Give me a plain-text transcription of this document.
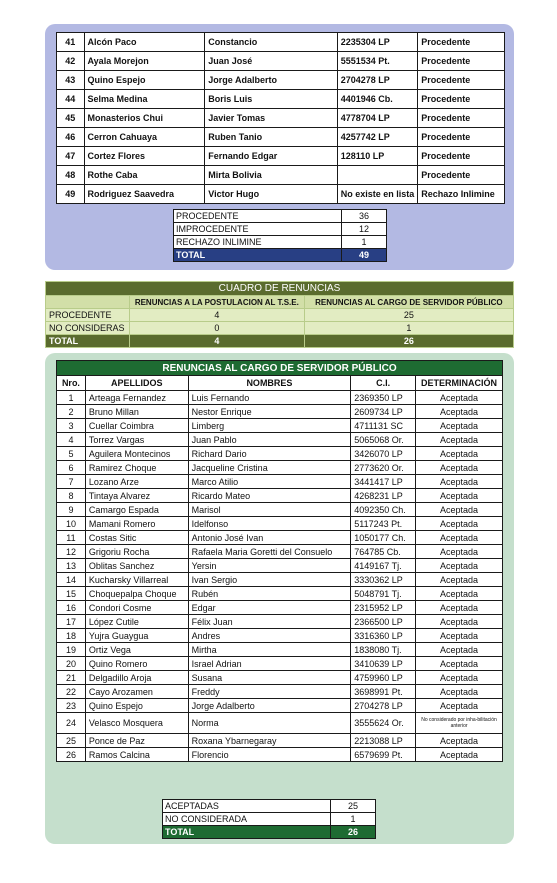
41	Alcón Paco	Constancio	2235304 LP	Procedente
42	Ayala Morejon	Juan José	5551534 Pt.	Procedente
43	Quino Espejo	Jorge Adalberto	2704278 LP	Procedente
44	Selma Medina	Boris Luis	4401946 Cb.	Procedente
45	Monasterios Chui	Javier Tomas	4778704 LP	Procedente
46	Cerron Cahuaya	Ruben Tanio	4257742 LP	Procedente
47	Cortez Flores	Fernando Edgar	128110 LP	Procedente
48	Rothe Caba	Mirta Bolivia		Procedente
49	Rodriguez Saavedra	Victor Hugo	No existe en lista	Rechazo Inlimine
PROCEDENTE	36
IMPROCEDENTE	12
RECHAZO INLIMINE	1
TOTAL	49
CUADRO DE RENUNCIAS		
	RENUNCIAS A LA POSTULACION AL T.S.E.	RENUNCIAS AL CARGO DE SERVIDOR PÚBLICO
PROCEDENTE	4	25
NO CONSIDERAS	0	1
TOTAL	4	26
RENUNCIAS AL CARGO DE SERVIDOR PÚBLICO				
Nro.	APELLIDOS	NOMBRES	C.I.	DETERMINACIÓN
1	Arteaga Fernandez	Luis Fernando	2369350 LP	Aceptada
2	Bruno Millan	Nestor Enrique	2609734 LP	Aceptada
3	Cuellar Coimbra	Limberg	4711131 SC	Aceptada
4	Torrez Vargas	Juan Pablo	5065068 Or.	Aceptada
5	Aguilera Montecinos	Richard Dario	3426070 LP	Aceptada
6	Ramirez Choque	Jacqueline Cristina	2773620 Or.	Aceptada
7	Lozano Arze	Marco Atilio	3441417 LP	Aceptada
8	Tintaya Alvarez	Ricardo Mateo	4268231 LP	Aceptada
9	Camargo Espada	Marisol	4092350 Ch.	Aceptada
10	Mamani Romero	Idelfonso	5117243 Pt.	Aceptada
11	Costas Sitic	Antonio José Ivan	1050177 Ch.	Aceptada
12	Grigoriu Rocha	Rafaela Maria Goretti del Consuelo	764785 Cb.	Aceptada
13	Oblitas Sanchez	Yersin	4149167 Tj.	Aceptada
14	Kucharsky Villarreal	Ivan Sergio	3330362 LP	Aceptada
15	Choquepalpa Choque	Rubén	5048791 Tj.	Aceptada
16	Condori Cosme	Edgar	2315952 LP	Aceptada
17	López Cutile	Félix Juan	2366500 LP	Aceptada
18	Yujra Guaygua	Andres	3316360 LP	Aceptada
19	Ortiz Vega	Mirtha	1838080 Tj.	Aceptada
20	Quino Romero	Israel Adrian	3410639 LP	Aceptada
21	Delgadillo Aroja	Susana	4759960 LP	Aceptada
22	Cayo Arozamen	Freddy	3698991 Pt.	Aceptada
23	Quino Espejo	Jorge Adalberto	2704278 LP	Aceptada
24	Velasco Mosquera	Norma	3555624 Or.	No considerado por inha-bilitación anterior
25	Ponce de Paz	Roxana Ybarnegaray	2213088 LP	Aceptada
26	Ramos Calcina	Florencio	6579699 Pt.	Aceptada
ACEPTADAS	25
NO CONSIDERADA	1
TOTAL	26
